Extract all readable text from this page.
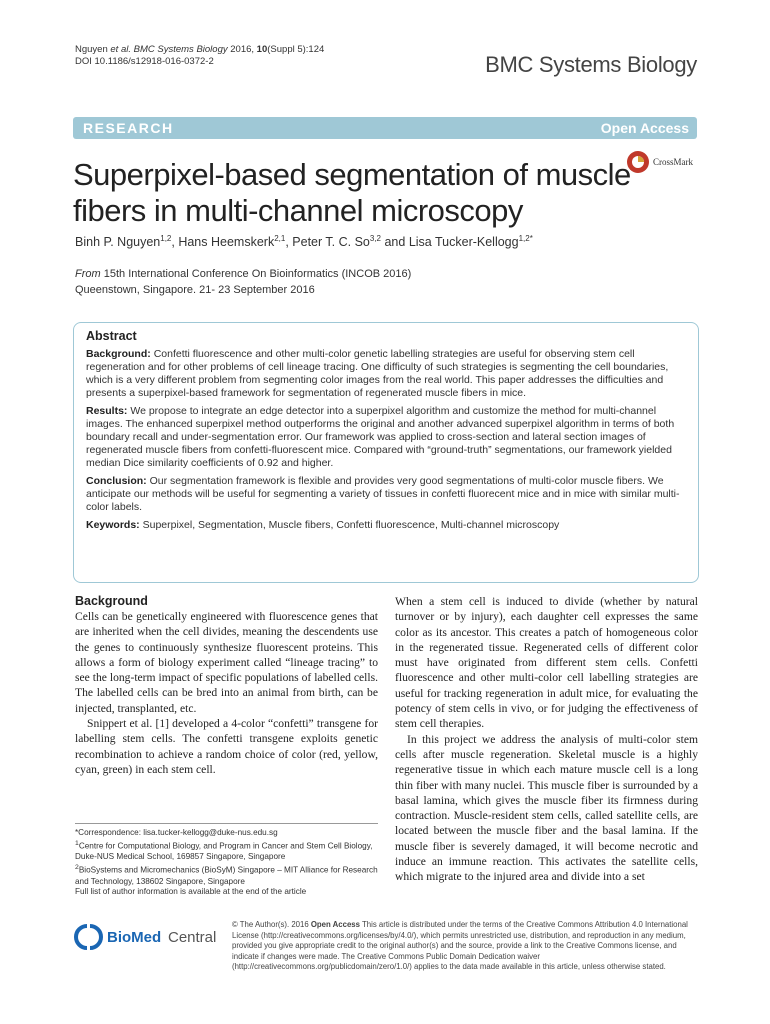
Nguyen et al. BMC Systems Biology 2016, 10(Suppl 5):124
DOI 10.1186/s12918-016-0372-2	BMC Systems Biology
RESEARCH	Open Access
CrossMark
Superpixel-based segmentation of muscle fibers in multi-channel microscopy
Binh P. Nguyen$^{1,2}$, Hans Heemskerk$^{2,1}$, Peter T. C. So$^{3,2}$ and Lisa Tucker-Kellogg$^{1,2*}$
From 15th International Conference On Bioinformatics (INCOB 2016)
Queenstown, Singapore. 21- 23 September 2016
Abstract

Background: Confetti fluorescence and other multi-color genetic labelling strategies are useful for observing stem cell regeneration and for other problems of cell lineage tracing. One difficulty of such strategies is segmenting the cell boundaries, which is a very different problem from segmenting color images from the real world. This paper addresses the difficulties and presents a superpixel-based framework for segmentation of regenerated muscle fibers in mice.

Results: We propose to integrate an edge detector into a superpixel algorithm and customize the method for multi-channel images. The enhanced superpixel method outperforms the original and another advanced superpixel algorithm in terms of both boundary recall and under-segmentation error. Our framework was applied to cross-section and lateral section images of regenerated muscle fibers from confetti-fluorescent mice. Compared with “ground-truth” segmentations, our framework yielded median Dice similarity coefficients of 0.92 and higher.

Conclusion: Our segmentation framework is flexible and provides very good segmentations of multi-color muscle fibers. We anticipate our methods will be useful for segmenting a variety of tissues in confetti fluorecent mice and in mice with similar multi-color labels.

Keywords: Superpixel, Segmentation, Muscle fibers, Confetti fluorescence, Multi-channel microscopy

Background

Cells can be genetically engineered with fluorescence genes that are inherited when the cell divides, meaning the descendents use the genes to continuously synthesize fluorescent proteins. This allows a form of biology experiment called “lineage tracing” to see the long-term impact of specific populations of labelled cells. The labelled cells can be bred into an animal from birth, can be injected, transplanted, etc.

Snippert et al. [1] developed a 4-color “confetti” transgene for labelling stem cells. The confetti transgene exploits genetic recombination to achieve a random choice of color (red, yellow, cyan, green) in each stem cell.

When a stem cell is induced to divide (whether by natural turnover or by injury), each daughter cell expresses the same color as its ancestor. This creates a patch of homogeneous color in the regenerated tissue. Regenerated cells of different color must have originated from different stem cells. Confetti fluorescence and other multi-color cell labelling strategies are useful for tracking regeneration in adult mice, for evaluating the potency of stem cells in vivo, or for judging the effectiveness of stem cell therapies.

In this project we address the analysis of multi-color stem cells after muscle regeneration. Skeletal muscle is a highly regenerative tissue in which each mature muscle cell is a long thin fiber with many nuclei. This muscle fiber is surrounded by a basal lamina, which gives the muscle fiber its firmness during contraction. Muscle-resident stem cells, called satellite cells, are located between the muscle fiber and the basal lamina. If the muscle fiber is severely damaged, it will become necrotic and induce an immune reaction. This activates the satellite cells, which migrate to the injured area and divide into a set

*Correspondence: lisa.tucker-kellogg@duke-nus.edu.sg
$^1$Centre for Computational Biology, and Program in Cancer and Stem Cell Biology, Duke-NUS Medical School, 169857 Singapore, Singapore
$^2$BioSystems and Micromechanics (BioSyM) Singapore – MIT Alliance for Research and Technology, 138602 Singapore, Singapore
Full list of author information is available at the end of the article
BioMed Central
© The Author(s). 2016 Open Access This article is distributed under the terms of the Creative Commons Attribution 4.0 International License (http://creativecommons.org/licenses/by/4.0/), which permits unrestricted use, distribution, and reproduction in any medium, provided you give appropriate credit to the original author(s) and the source, provide a link to the Creative Commons license, and indicate if changes were made. The Creative Commons Public Domain Dedication waiver (http://creativecommons.org/publicdomain/zero/1.0/) applies to the data made available in this article, unless otherwise stated.
